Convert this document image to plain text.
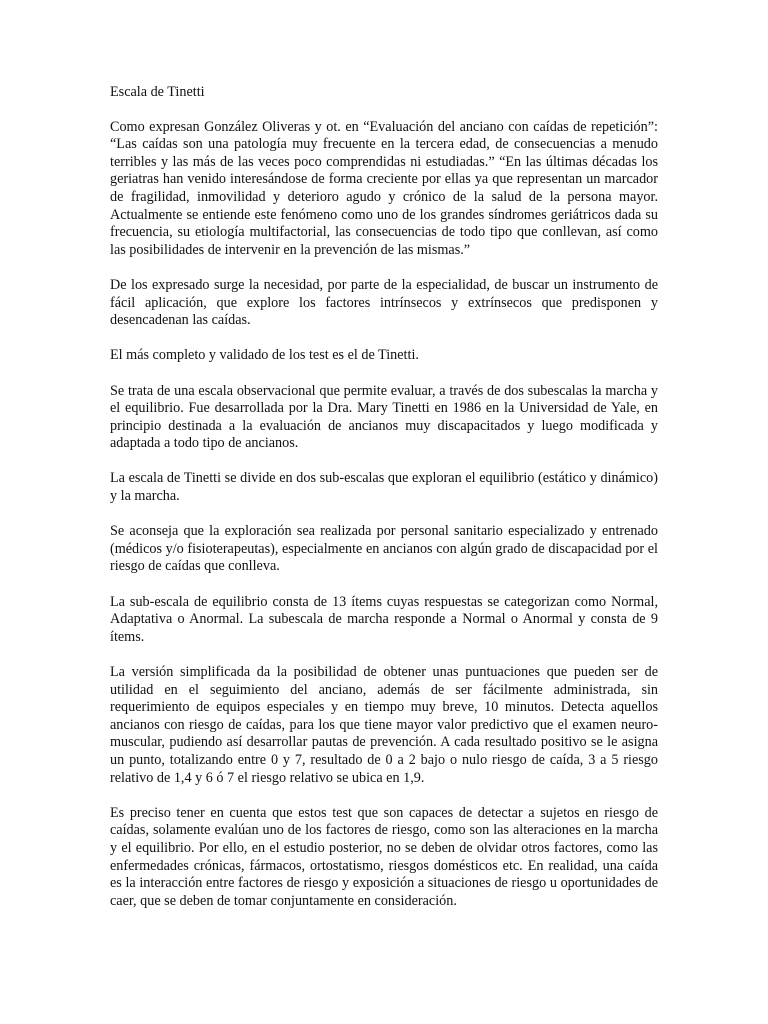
Escala de Tinetti

Como expresan González Oliveras y ot. en “Evaluación del anciano con caídas de repetición”: “Las caídas son una patología muy frecuente en la tercera edad, de consecuencias a menudo terribles y las más de las veces poco comprendidas ni estudiadas.” “En las últimas décadas los geriatras han venido interesándose de forma creciente por ellas ya que representan un marcador de fragilidad, inmovilidad y deterioro agudo y crónico de la salud de la persona mayor. Actualmente se entiende este fenómeno como uno de los grandes síndromes geriátricos dada su frecuencia, su etiología multifactorial, las consecuencias de todo tipo que conllevan, así como las posibilidades de intervenir en la prevención de las mismas.”

De los expresado surge la necesidad, por parte de la especialidad, de buscar un instrumento de fácil aplicación, que explore los factores intrínsecos y extrínsecos que predisponen y desencadenan las caídas.

El más completo y validado de los test es el de Tinetti.

Se trata de una escala observacional que permite evaluar, a través de dos subescalas la marcha y el equilibrio. Fue desarrollada por la Dra. Mary Tinetti en 1986 en la Universidad de Yale, en principio destinada a la evaluación de ancianos muy discapacitados y luego modificada y adaptada a todo tipo de ancianos.

La escala de Tinetti se divide en dos sub-escalas que exploran el equilibrio (estático y dinámico) y la marcha.

Se aconseja que la exploración sea realizada por personal sanitario especializado y entrenado (médicos y/o fisioterapeutas), especialmente en ancianos con algún grado de discapacidad por el riesgo de caídas que conlleva.

La sub-escala de equilibrio consta de 13 ítems cuyas respuestas se categorizan como Normal, Adaptativa o Anormal. La subescala de marcha responde a Normal o Anormal y consta de 9 ítems.

La versión simplificada da la posibilidad de obtener unas puntuaciones que pueden ser de utilidad en el seguimiento del anciano, además de ser fácilmente administrada, sin requerimiento de equipos especiales y en tiempo muy breve, 10 minutos. Detecta aquellos ancianos con riesgo de caídas, para los que tiene mayor valor predictivo que el examen neuro-muscular, pudiendo así desarrollar pautas de prevención. A cada resultado positivo se le asigna un punto, totalizando entre 0 y 7, resultado de 0 a 2 bajo o nulo riesgo de caída, 3 a 5 riesgo relativo de 1,4 y 6 ó 7 el riesgo relativo se ubica en 1,9.

Es preciso tener en cuenta que estos test que son capaces de detectar a sujetos en riesgo de caídas, solamente evalúan uno de los factores de riesgo, como son las alteraciones en la marcha y el equilibrio. Por ello, en el estudio posterior, no se deben de olvidar otros factores, como las enfermedades crónicas, fármacos, ortostatismo, riesgos domésticos etc. En realidad, una caída es la interacción entre factores de riesgo y exposición a situaciones de riesgo u oportunidades de caer, que se deben de tomar conjuntamente en consideración.
